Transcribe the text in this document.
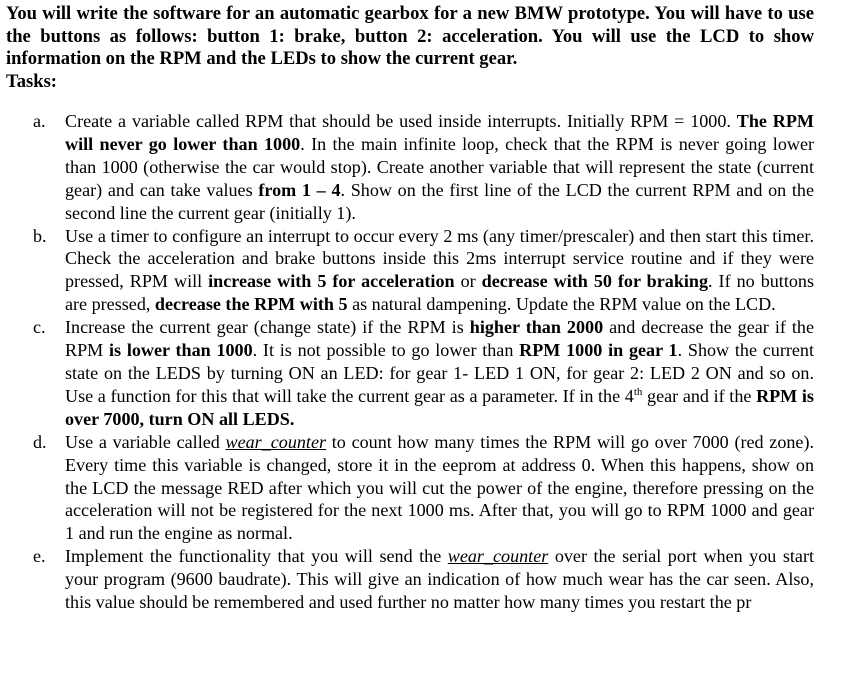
You will write the software for an automatic gearbox for a new BMW prototype. You will have to use the buttons as follows: button 1: brake, button 2: acceleration. You will use the LCD to show information on the RPM and the LEDs to show the current gear.

Tasks:

a. Create a variable called RPM that should be used inside interrupts. Initially RPM = 1000. The RPM will never go lower than 1000. In the main infinite loop, check that the RPM is never going lower than 1000 (otherwise the car would stop). Create another variable that will represent the state (current gear) and can take values from 1 – 4. Show on the first line of the LCD the current RPM and on the second line the current gear (initially 1).
b. Use a timer to configure an interrupt to occur every 2 ms (any timer/prescaler) and then start this timer. Check the acceleration and brake buttons inside this 2ms interrupt service routine and if they were pressed, RPM will increase with 5 for acceleration or decrease with 50 for braking. If no buttons are pressed, decrease the RPM with 5 as natural dampening. Update the RPM value on the LCD.
c. Increase the current gear (change state) if the RPM is higher than 2000 and decrease the gear if the RPM is lower than 1000. It is not possible to go lower than RPM 1000 in gear 1. Show the current state on the LEDS by turning ON an LED: for gear 1- LED 1 ON, for gear 2: LED 2 ON and so on. Use a function for this that will take the current gear as a parameter. If in the 4th gear and if the RPM is over 7000, turn ON all LEDS.
d. Use a variable called wear_counter to count how many times the RPM will go over 7000 (red zone). Every time this variable is changed, store it in the eeprom at address 0. When this happens, show on the LCD the message RED after which you will cut the power of the engine, therefore pressing on the acceleration will not be registered for the next 1000 ms. After that, you will go to RPM 1000 and gear 1 and run the engine as normal.
e. Implement the functionality that you will send the wear_counter over the serial port when you start your program (9600 baudrate). This will give an indication of how much wear has the car seen. Also, this value should be remembered and used further no matter how many times you restart the pr
